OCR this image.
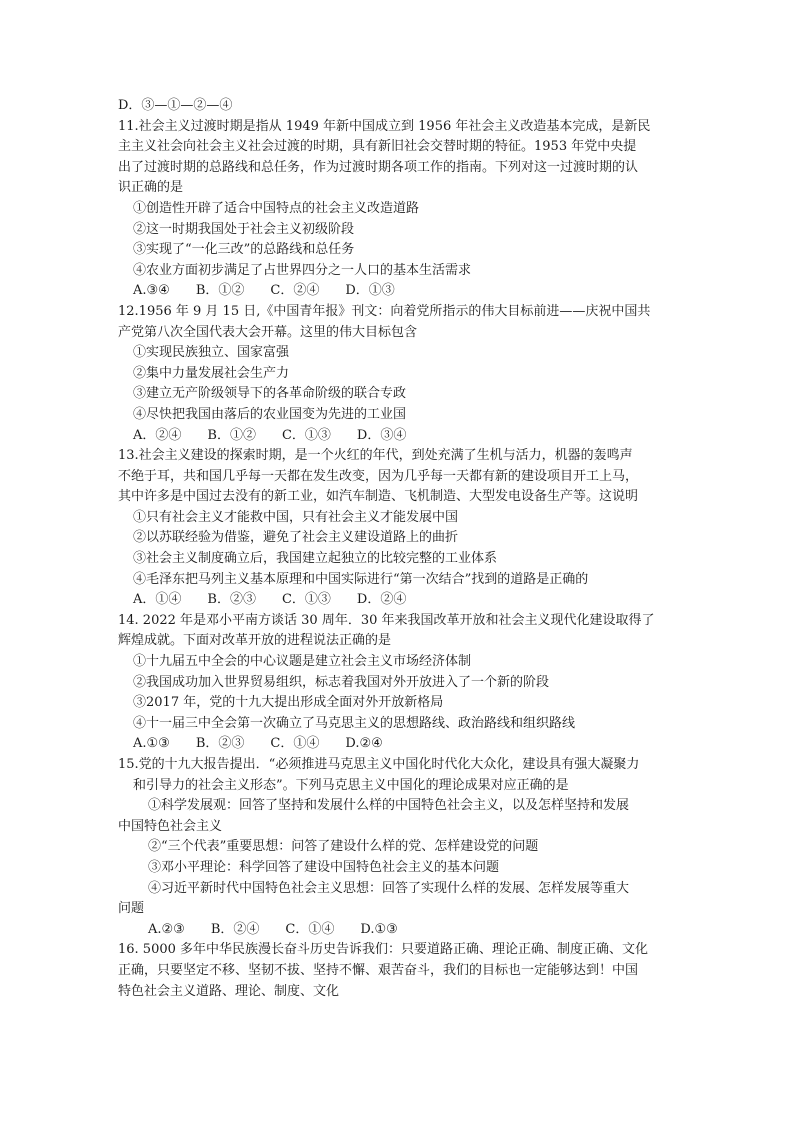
D．③—①—②—④
11.社会主义过渡时期是指从 1949 年新中国成立到 1956 年社会主义改造基本完成，是新民
主主义社会向社会主义社会过渡的时期，具有新旧社会交替时期的特征。1953 年党中央提
出了过渡时期的总路线和总任务，作为过渡时期各项工作的指南。下列对这一过渡时期的认
识正确的是
①创造性开辟了适合中国特点的社会主义改造道路
②这一时期我国处于社会主义初级阶段
③实现了“一化三改”的总路线和总任务
④农业方面初步满足了占世界四分之一人口的基本生活需求
A.③④ B．①② C．②④ D．①③
12.1956 年 9 月 15 日,《中国青年报》刊文：向着党所指示的伟大目标前进——庆祝中国共
产党第八次全国代表大会开幕。这里的伟大目标包含
①实现民族独立、国家富强
②集中力量发展社会生产力
③建立无产阶级领导下的各革命阶级的联合专政
④尽快把我国由落后的农业国变为先进的工业国
A．②④ B．①② C．①③ D．③④
13.社会主义建设的探索时期，是一个火红的年代，到处充满了生机与活力，机器的轰鸣声
不绝于耳，共和国几乎每一天都在发生改变，因为几乎每一天都有新的建设项目开工上马，
其中许多是中国过去没有的新工业，如汽车制造、飞机制造、大型发电设备生产等。这说明
①只有社会主义才能救中国，只有社会主义才能发展中国
②以苏联经验为借鉴，避免了社会主义建设道路上的曲折
③社会主义制度确立后，我国建立起独立的比较完整的工业体系
④毛泽东把马列主义基本原理和中国实际进行“第一次结合”找到的道路是正确的
A．①④ B．②③ C．①③ D．②④
14. 2022 年是邓小平南方谈话 30 周年．30 年来我国改革开放和社会主义现代化建设取得了
辉煌成就。下面对改革开放的进程说法正确的是
①十九届五中全会的中心议题是建立社会主义市场经济体制
②我国成功加入世界贸易组织，标志着我国对外开放进入了一个新的阶段
③2017 年，党的十九大提出形成全面对外开放新格局
④十一届三中全会第一次确立了马克思主义的思想路线、政治路线和组织路线
A.①③ B．②③ C．①④ D.②④
15.党的十九大报告提出．“必须推进马克思主义中国化时代化大众化，建设具有强大凝聚力
和引导力的社会主义形态”。下列马克思主义中国化的理论成果对应正确的是
①科学发展观：回答了坚持和发展什么样的中国特色社会主义，以及怎样坚持和发展
中国特色社会主义
②“三个代表”重要思想：问答了建设什么样的党、怎样建设党的问题
③邓小平理论：科学回答了建设中国特色社会主义的基本问题
④习近平新时代中国特色社会主义思想：回答了实现什么样的发展、怎样发展等重大
问题
A.②③ B．②④ C．①④ D.①③
16. 5000 多年中华民族漫长奋斗历史告诉我们：只要道路正确、理论正确、制度正确、文化
正确，只要坚定不移、坚韧不拔、坚持不懈、艰苦奋斗，我们的目标也一定能够达到！中国
特色社会主义道路、理论、制度、文化
